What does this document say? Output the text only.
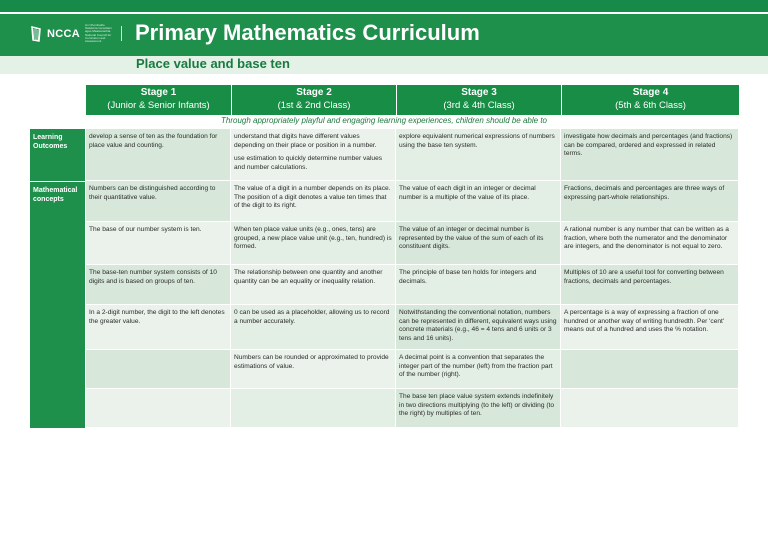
NCCA
An Chomhairle Náisiúnta Curaclaim agus Measúnachta National Council for Curriculum and Assessment	Primary Mathematics Curriculum
Place value and base ten
Stage 1
(Junior & Senior Infants)
Stage 2
(1st & 2nd Class)
Stage 3
(3rd & 4th Class)
Stage 4
(5th & 6th Class)
Learning Outcomes

develop a sense of ten as the foundation for place value and counting.

understand that digits have different values depending on their place or position in a number.

use estimation to quickly determine number values and number calculations.

explore equivalent numerical expressions of numbers using the base ten system.

investigate how decimals and percentages (and fractions) can be compared, ordered and expressed in related terms.

Mathematical concepts
Numbers can be distinguished according to their quantitative value.
The value of a digit in a number depends on its place. The position of a digit denotes a value ten times that of the digit to its right.
The value of each digit in an integer or decimal number is a multiple of the value of its place.
Fractions, decimals and percentages are three ways of expressing part-whole relationships.
The base of our number system is ten.	When ten place value units (e.g., ones, tens) are grouped, a new place value unit (e.g., ten, hundred) is formed.
The value of an integer or decimal number is represented by the value of the sum of each of its constituent digits.
A rational number is any number that can be written as a fraction, where both the numerator and the denominator are integers, and the denominator is not equal to zero.
The base-ten number system consists of 10 digits and is based on groups of ten.
The relationship between one quantity and another quantity can be an equality or inequality relation.
The principle of base ten holds for integers and decimals.
Multiples of 10 are a useful tool for converting between fractions, decimals and percentages.
In a 2-digit number, the digit to the left denotes the greater value.
0 can be used as a placeholder, allowing us to record a number accurately.
Notwithstanding the conventional notation, numbers can be represented in different, equivalent ways using concrete materials (e.g., 46 = 4 tens and 6 units or 3 tens and 16 units).
A percentage is a way of expressing a fraction of one hundred or another way of writing hundredth. Per 'cent' means out of a hundred and uses the % notation.
Numbers can be rounded or approximated to provide estimations of value.
A decimal point is a convention that separates the integer part of the number (left) from the fraction part of the number (right).
The base ten place value system extends indefinitely in two directions multiplying (to the left) or dividing (to the right) by multiples of ten.
Through appropriately playful and engaging learning experiences, children should be able to
